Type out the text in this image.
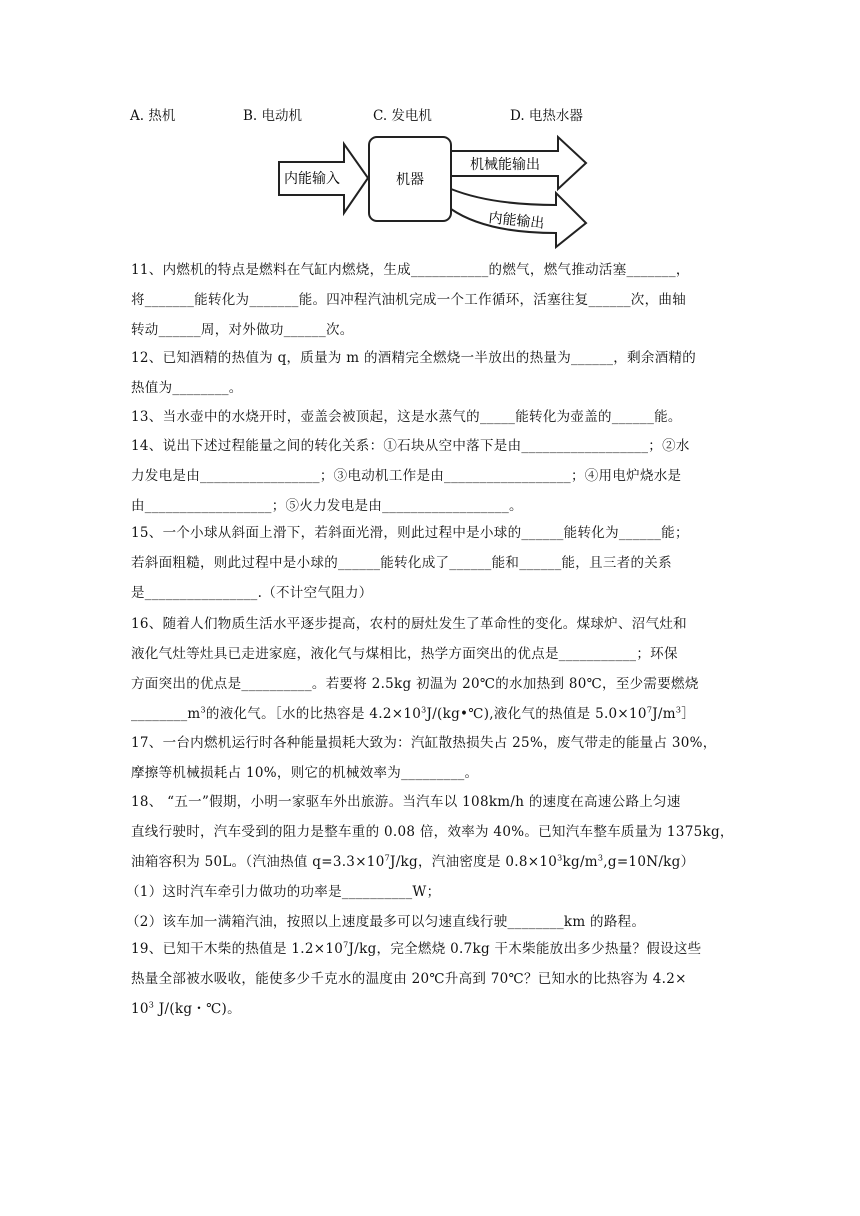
A. 热机	B. 电动机	C. 发电机	D. 电热水器
内能输入	机器
机械能输出
内能输出

11、内燃机的特点是燃料在气缸内燃烧，生成___________的燃气，燃气推动活塞_______，

将_______能转化为_______能。四冲程汽油机完成一个工作循环，活塞往复______次，曲轴

转动______周，对外做功______次。

12、已知酒精的热值为 q，质量为 m 的酒精完全燃烧一半放出的热量为______，剩余酒精的

热值为________。

13、当水壶中的水烧开时，壶盖会被顶起，这是水蒸气的_____能转化为壶盖的______能。

14、说出下述过程能量之间的转化关系：①石块从空中落下是由__________________；②水

力发电是由_________________；③电动机工作是由__________________；④用电炉烧水是

由__________________；⑤火力发电是由__________________。

15、一个小球从斜面上滑下，若斜面光滑，则此过程中是小球的______能转化为______能；

若斜面粗糙，则此过程中是小球的______能转化成了______能和______能，且三者的关系

是________________.（不计空气阻力）

16、随着人们物质生活水平逐步提高，农村的厨灶发生了革命性的变化。煤球炉、沼气灶和

液化气灶等灶具已走进家庭，液化气与煤相比，热学方面突出的优点是___________；环保

方面突出的优点是__________。若要将 2.5kg 初温为 20℃的水加热到 80℃，至少需要燃烧

$\_\_\_\_\_\_\_\_m^3$的液化气。［水的比热容是 $4.2\times 10^3J/(kg•℃)$,液化气的热值是 $5.0\times 10^7J/m^3]$

17、一台内燃机运行时各种能量损耗大致为：汽缸散热损失占 25%，废气带走的能量占 30%，

摩擦等机械损耗占 10%，则它的机械效率为_________。

18、 “五一”假期，小明一家驱车外出旅游。当汽车以 108km/h 的速度在高速公路上匀速

直线行驶时，汽车受到的阻力是整车重的 0.08 倍，效率为 40%。已知汽车整车质量为 1375kg，

油箱容积为 50L。（汽油热值 $q=3.3\times 10^7J/kg$，汽油密度是 $0.8\times 10^3kg/m^3,g=10N/kg$）

（1）这时汽车牵引力做功的功率是__________W；

（2）该车加一满箱汽油，按照以上速度最多可以匀速直线行驶________km 的路程。

19、已知干木柴的热值是 $1.2\times 10^7J/kg$，完全燃烧 0.7kg 干木柴能放出多少热量？假设这些

热量全部被水吸收，能使多少千克水的温度由 20℃升高到 70℃？已知水的比热容为 4.2×

$10^3$ J/(kg・℃)。
